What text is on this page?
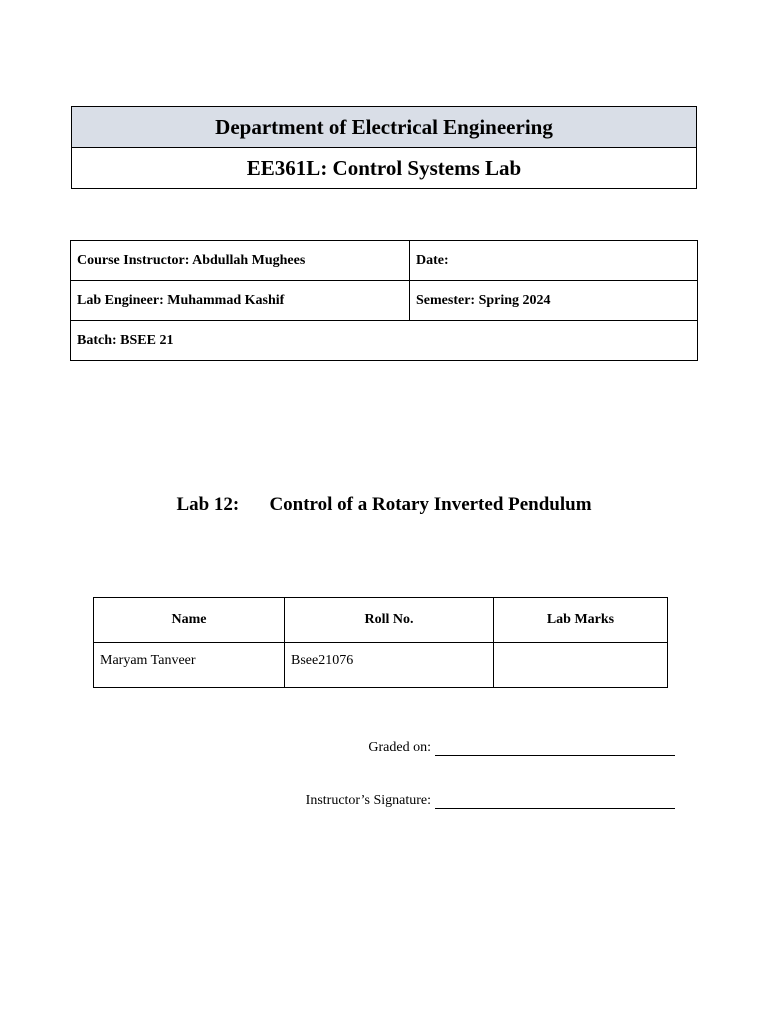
Department of Electrical Engineering
EE361L: Control Systems Lab
Course Instructor: Abdullah Mughees	Date:
Lab Engineer: Muhammad Kashif	Semester: Spring 2024
Batch: BSEE 21	
Lab 12: Control of a Rotary Inverted Pendulum
Name	Roll No.	Lab Marks
Maryam Tanveer	Bsee21076	
Graded on:
Instructor’s Signature:
